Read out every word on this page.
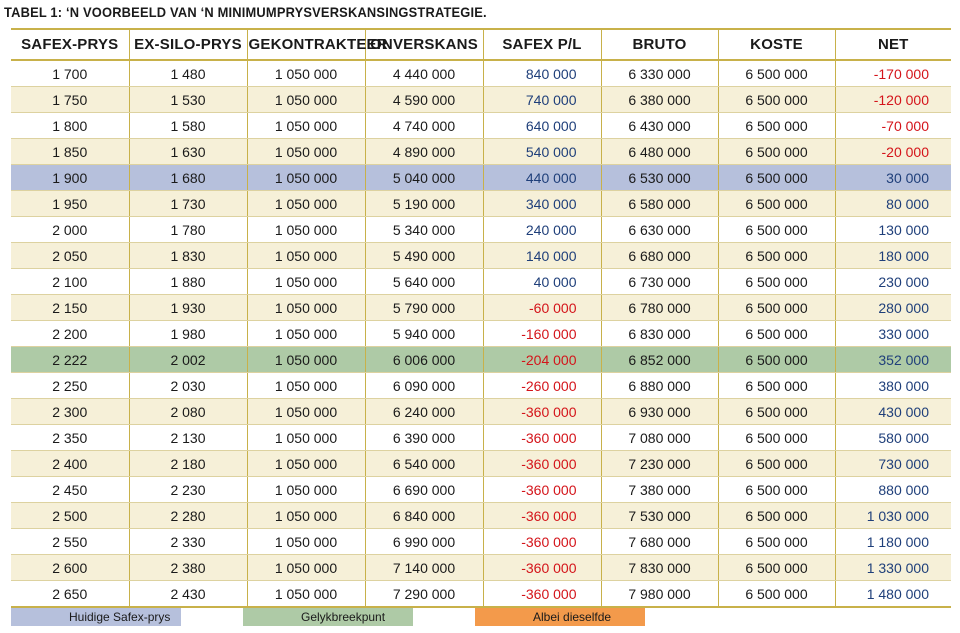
TABEL 1: ‘N VOORBEELD VAN ‘N MINIMUMPRYSVERSKANSINGSTRATEGIE.
SAFEX-PRYS	EX-SILO-PRYS	GEKONTRAKTEER	ONVERSKANS	SAFEX P/L	BRUTO	KOSTE	NET
1 700	1 480	1 050 000	4 440 000	840 000	6 330 000	6 500 000	-170 000
1 750	1 530	1 050 000	4 590 000	740 000	6 380 000	6 500 000	-120 000
1 800	1 580	1 050 000	4 740 000	640 000	6 430 000	6 500 000	-70 000
1 850	1 630	1 050 000	4 890 000	540 000	6 480 000	6 500 000	-20 000
1 900	1 680	1 050 000	5 040 000	440 000	6 530 000	6 500 000	30 000
1 950	1 730	1 050 000	5 190 000	340 000	6 580 000	6 500 000	80 000
2 000	1 780	1 050 000	5 340 000	240 000	6 630 000	6 500 000	130 000
2 050	1 830	1 050 000	5 490 000	140 000	6 680 000	6 500 000	180 000
2 100	1 880	1 050 000	5 640 000	40 000	6 730 000	6 500 000	230 000
2 150	1 930	1 050 000	5 790 000	-60 000	6 780 000	6 500 000	280 000
2 200	1 980	1 050 000	5 940 000	-160 000	6 830 000	6 500 000	330 000
2 222	2 002	1 050 000	6 006 000	-204 000	6 852 000	6 500 000	352 000
2 250	2 030	1 050 000	6 090 000	-260 000	6 880 000	6 500 000	380 000
2 300	2 080	1 050 000	6 240 000	-360 000	6 930 000	6 500 000	430 000
2 350	2 130	1 050 000	6 390 000	-360 000	7 080 000	6 500 000	580 000
2 400	2 180	1 050 000	6 540 000	-360 000	7 230 000	6 500 000	730 000
2 450	2 230	1 050 000	6 690 000	-360 000	7 380 000	6 500 000	880 000
2 500	2 280	1 050 000	6 840 000	-360 000	7 530 000	6 500 000	1 030 000
2 550	2 330	1 050 000	6 990 000	-360 000	7 680 000	6 500 000	1 180 000
2 600	2 380	1 050 000	7 140 000	-360 000	7 830 000	6 500 000	1 330 000
2 650	2 430	1 050 000	7 290 000	-360 000	7 980 000	6 500 000	1 480 000
Huidige Safex-prys	Gelykbreekpunt	Albei dieselfde
